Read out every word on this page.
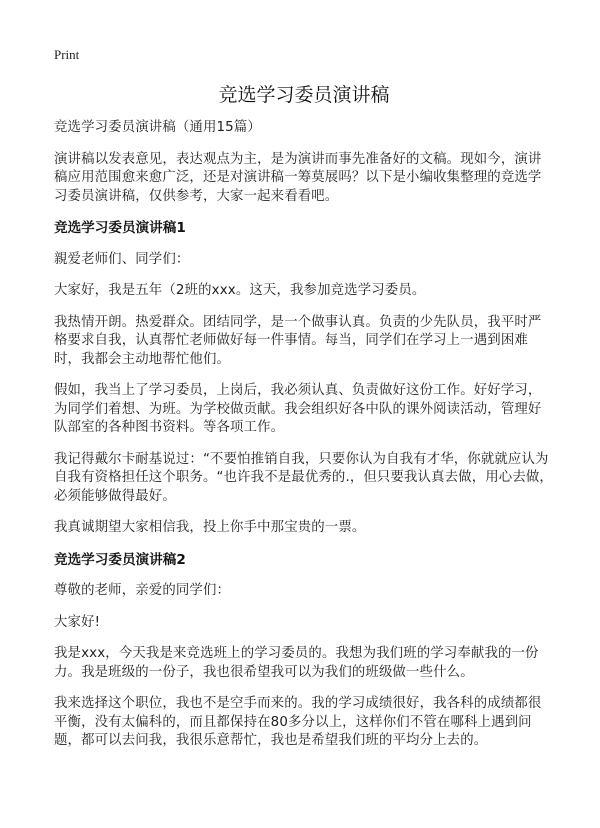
Print
竞选学习委员演讲稿

竞选学习委员演讲稿（通用15篇）

演讲稿以发表意见，表达观点为主，是为演讲而事先准备好的文稿。现如今，演讲稿应用范围愈来愈广泛，还是对演讲稿一筹莫展吗？以下是小编收集整理的竞选学习委员演讲稿，仅供参考，大家一起来看看吧。

竞选学习委员演讲稿1

親爱老师们、同学们：

大家好，我是五年（2班的xxx。这天，我参加竞选学习委员。

我热情开朗。热爱群众。团结同学，是一个做事认真。负责的少先队员，我平时严格要求自我，认真帮忙老师做好每一件事情。每当，同学们在学习上一遇到困难时，我都会主动地帮忙他们。

假如，我当上了学习委员，上岗后，我必须认真、负责做好这份工作。好好学习，为同学们着想、为班。为学校做贡献。我会组织好各中队的课外阅读活动，管理好队部室的各种图书资料。等各项工作。

我记得戴尔卡耐基说过：“不要怕推销自我，只要你认为自我有才华，你就就应认为自我有资格担任这个职务。“也许我不是最优秀的.，但只要我认真去做，用心去做，必须能够做得最好。

我真诚期望大家相信我，投上你手中那宝贵的一票。

竞选学习委员演讲稿2

尊敬的老师，亲爱的同学们：

大家好!

我是xxx，今天我是来竞选班上的学习委员的。我想为我们班的学习奉献我的一份力。我是班级的一份子，我也很希望我可以为我们的班级做一些什么。

我来选择这个职位，我也不是空手而来的。我的学习成绩很好，我各科的成绩都很平衡，没有太偏科的，而且都保持在80多分以上，这样你们不管在哪科上遇到问题，都可以去问我，我很乐意帮忙，我也是希望我们班的平均分上去的。
